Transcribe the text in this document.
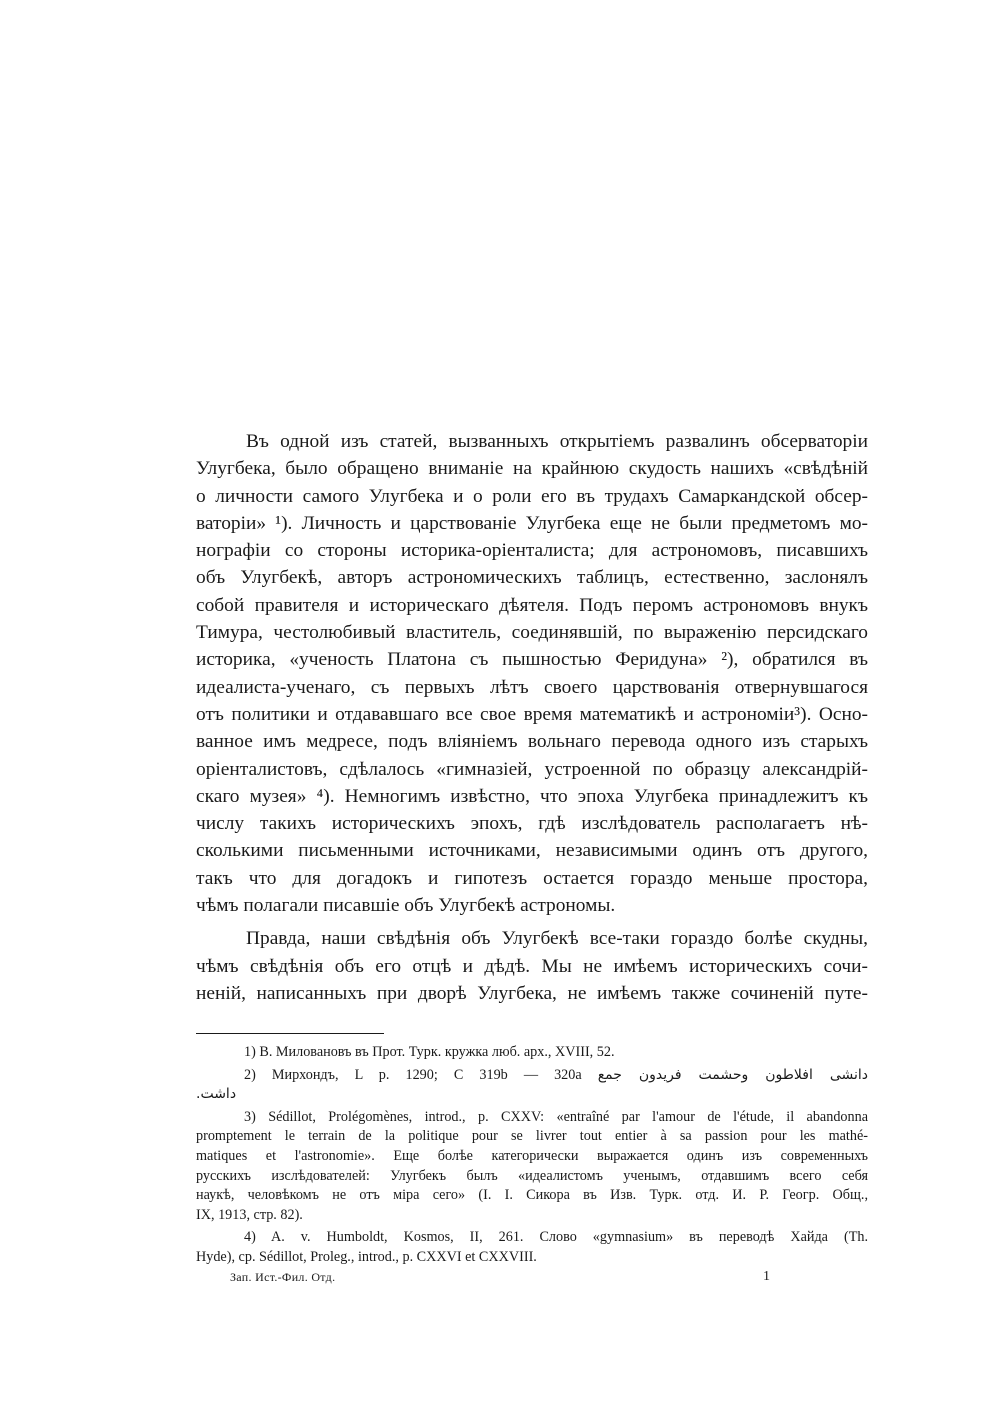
Въ одной изъ статей, вызванныхъ открытіемъ развалинъ обсерваторіи
Улугбека, было обращено вниманіе на крайнюю скудость нашихъ «свѣдѣній
о личности самого Улугбека и о роли его въ трудахъ Самаркандской обсер-
ваторіи» ¹). Личность и царствованіе Улугбека еще не были предметомъ мо-
нографіи со стороны историка-оріенталиста; для астрономовъ, писавшихъ
объ Улугбекѣ, авторъ астрономическихъ таблицъ, естественно, заслонялъ
собой правителя и историческаго дѣятеля. Подъ перомъ астрономовъ внукъ
Тимура, честолюбивый властитель, соединявшій, по выраженію персидскаго
историка, «ученость Платона съ пышностью Феридуна» ²), обратился въ
идеалиста-ученаго, съ первыхъ лѣтъ своего царствованія отвернувшагося
отъ политики и отдававшаго все свое время математикѣ и астрономіи³). Осно-
ванное имъ медресе, подъ вліяніемъ вольнаго перевода одного изъ старыхъ
оріенталистовъ, сдѣлалось «гимназіей, устроенной по образцу александрій-
скаго музея» ⁴). Немногимъ извѣстно, что эпоха Улугбека принадлежитъ къ
числу такихъ историческихъ эпохъ, гдѣ изслѣдователь располагаетъ нѣ-
сколькими письменными источниками, независимыми одинъ отъ другого,
такъ что для догадокъ и гипотезъ остается гораздо меньше простора,
чѣмъ полагали писавшіе объ Улугбекѣ астрономы.
Правда, наши свѣдѣнія объ Улугбекѣ все-таки гораздо болѣе скудны,
чѣмъ свѣдѣнія объ его отцѣ и дѣдѣ. Мы не имѣемъ историческихъ сочи-
неній, написанныхъ при дворѣ Улугбека, не имѣемъ также сочиненій путе-
1) В. Миловановъ въ Прот. Турк. кружка люб. арх., XVIII, 52.
2) Мирхондъ, L p. 1290; C 319b — 320a دانشى افلاطون وحشمت فريدون جمع
داشت.
3) Sédillot, Prolégomènes, introd., p. CXXV: «entraîné par l'amour de l'étude, il abandonna
promptement le terrain de la politique pour se livrer tout entier à sa passion pour les mathé-
matiques et l'astronomie». Еще болѣе категорически выражается одинъ изъ современныхъ
русскихъ изслѣдователей: Улугбекъ былъ «идеалистомъ ученымъ, отдавшимъ всего себя
наукѣ, человѣкомъ не отъ міра сего» (I. I. Сикора въ Изв. Турк. отд. И. Р. Геогр. Общ.,
IX, 1913, стр. 82).
4) A. v. Humboldt, Kosmos, II, 261. Слово «gymnasium» въ переводѣ Хайда (Th.
Hyde), cp. Sédillot, Proleg., introd., p. CXXVI et CXXVIII.
Зап. Ист.-Фил. Отд.	1
